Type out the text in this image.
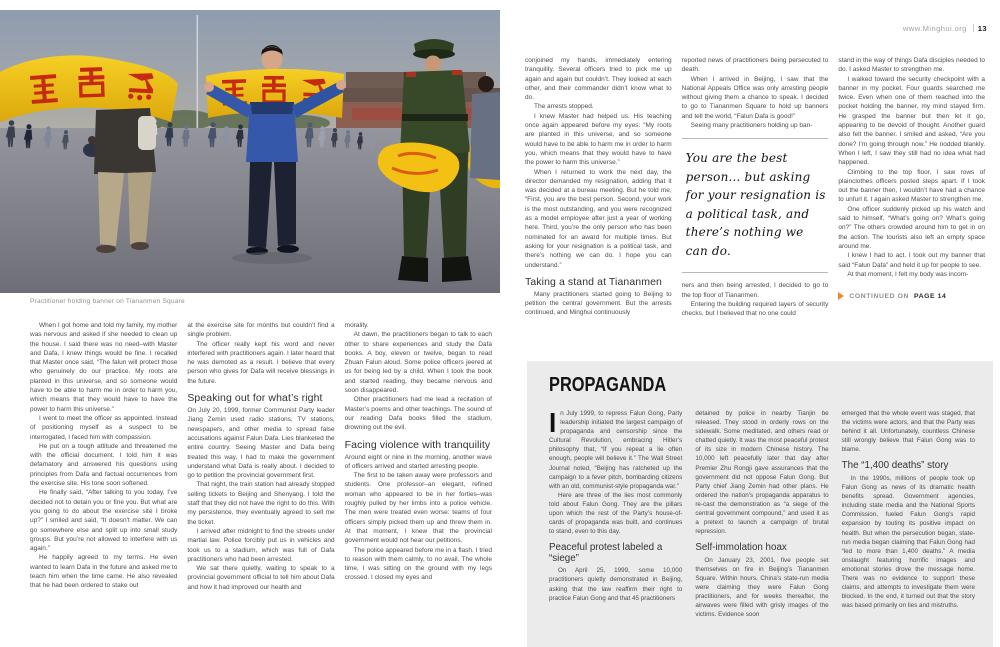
Practitioner holding banner on Tiananmen Square

When I got home and told my family, my mother was nervous and asked if she needed to clean up the house. I said there was no need–with Master and Dafa, I knew things would be fine. I recalled that Master once said, “The falun will protect those who genuinely do our practice. My roots are planted in this universe, and so someone would have to be able to harm me in order to harm you, which means that they would have to have the power to harm this universe.”

I went to meet the officer as appointed. Instead of positioning myself as a suspect to be interrogated, I faced him with compassion.

He put on a tough attitude and threatened me with the official document. I told him it was defamatory and answered his questions using principles from Dafa and factual occurrences from the exercise site. His tone soon softened.

He finally said, “After talking to you today, I’ve decided not to detain you or fine you. But what are you going to do about the exercise site I broke up?” I smiled and said, “It doesn’t matter. We can go somewhere else and split up into small study groups. But you’re not allowed to interfere with us again.”

He happily agreed to my terms. He even wanted to learn Dafa in the future and asked me to teach him when the time came. He also revealed that he had been ordered to stake out

at the exercise site for months but couldn’t find a single problem.

The officer really kept his word and never interfered with practitioners again. I later heard that he was demoted as a result. I believe that every person who gives for Dafa will receive blessings in the future.

Speaking out for what’s right

On July 20, 1999, former Communist Party leader Jiang Zemin used radio stations, TV stations, newspapers, and other media to spread false accusations against Falun Dafa. Lies blanketed the entire country. Seeing Master and Dafa being treated this way, I had to make the government understand what Dafa is really about. I decided to go to petition the provincial government first.

That night, the train station had already stopped selling tickets to Beijing and Shenyang. I told the staff that they did not have the right to do this. With my persistence, they eventually agreed to sell me the ticket.

I arrived after midnight to find the streets under martial law. Police forcibly put us in vehicles and took us to a stadium, which was full of Dafa practitioners who had been arrested.

We sat there quietly, waiting to speak to a provincial government official to tell him about Dafa and how it had improved our health and

morality.

At dawn, the practitioners began to talk to each other to share experiences and study the Dafa books. A boy, eleven or twelve, began to read Zhuan Falun aloud. Some police officers jeered at us for being led by a child. When I took the book and started reading, they became nervous and soon disappeared.

Other practitioners had me lead a recitation of Master’s poems and other teachings. The sound of our reading Dafa books filled the stadium, drowning out the evil.

Facing violence with tranquility

Around eight or nine in the morning, another wave of officers arrived and started arresting people.

The first to be taken away were professors and students. One professor–an elegant, refined woman who appeared to be in her forties–was roughly pulled by her limbs into a police vehicle. The men were treated even worse: teams of four officers simply picked them up and threw them in. At that moment, I knew that the provincial government would not hear our petitions.

The police appeared before me in a flash. I tried to reason with them calmly, to no avail. The whole time, I was sitting on the ground with my legs crossed. I closed my eyes and

www.Minghui.org 13

conjoined my hands, immediately entering tranquility. Several officers tried to pick me up again and again but couldn’t. They looked at each other, and their commander didn’t know what to do.

The arrests stopped.

I knew Master had helped us. His teaching once again appeared before my eyes: “My roots are planted in this universe, and so someone would have to be able to harm me in order to harm you, which means that they would have to have the power to harm this universe.”

When I returned to work the next day, the director demanded my resignation, adding that it was decided at a bureau meeting. But he told me, “First, you are the best person. Second, your work is the most outstanding, and you were recognized as a model employee after just a year of working here. Third, you’re the only person who has been nominated for an award for multiple times. But asking for your resignation is a political task, and there’s nothing we can do. I hope you can understand.”

Taking a stand at Tiananmen

Many practitioners started going to Beijing to petition the central government. But the arrests continued, and Minghui continuously

reported news of practitioners being persecuted to death.

When I arrived in Beijing, I saw that the National Appeals Office was only arresting people without giving them a chance to speak. I decided to go to Tiananmen Square to hold up banners and tell the world, “Falun Dafa is good!”

Seeing many practitioners holding up ban-

You are the best person... but asking for your resignation is a political task, and there’s nothing we can do.

ners and then being arrested, I decided to go to the top floor of Tiananmen.

Entering the building required layers of security checks, but I believed that no one could

stand in the way of things Dafa disciples needed to do. I asked Master to strengthen me.

I walked toward the security checkpoint with a banner in my pocket. Four guards searched me twice. Even when one of them reached into the pocket holding the banner, my mind stayed firm. He grasped the banner but then let it go, appearing to be devoid of thought. Another guard also felt the banner. I smiled and asked, “Are you done? I’m going through now.” He nodded blankly. When I left, I saw they still had no idea what had happened.

Climbing to the top floor, I saw rows of plainclothes officers posted steps apart. If I took out the banner then, I wouldn’t have had a chance to unfurl it. I again asked Master to strengthen me.

One officer suddenly picked up his watch and said to himself, “What’s going on? What’s going on?” The others crowded around him to get in on the action. The tourists also left an empty space around me.

I knew I had to act. I took out my banner that said “Falun Dafa” and held it up for people to see.

At that moment, I felt my body was incom-

CONTINUED ON PAGE 14
PROPAGANDA

In July 1999, to repress Falun Gong, Party leadership initiated the largest campaign of propaganda and censorship since the Cultural Revolution, embracing Hitler’s philosophy that, “If you repeat a lie often enough, people will believe it.” The Wall Street Journal noted, “Beijing has ratcheted up the campaign to a fever pitch, bombarding citizens with an old, communist-style propaganda war.”

Here are three of the lies most commonly told about Falun Gong. They are the pillars upon which the rest of the Party’s house-of-cards of propaganda was built, and continues to stand, even to this day.

Peaceful protest labeled a “siege”

On April 25, 1999, some 10,000 practitioners quietly demonstrated in Beijing, asking that the law reaffirm their right to practice Falun Gong and that 45 practitioners

detained by police in nearby Tianjin be released. They stood in orderly rows on the sidewalk. Some meditated, and others read or chatted quietly. It was the most peaceful protest of its size in modern Chinese history. The 10,000 left peacefully later that day after Premier Zhu Rongji gave assurances that the government did not oppose Falun Gong. But Party chief Jiang Zemin had other plans. He ordered the nation’s propaganda apparatus to re-cast the demonstration as “a siege of the central government compound,” and used it as a pretext to launch a campaign of brutal repression.

Self-immolation hoax

On January 23, 2001, five people set themselves on fire in Beijing’s Tiananmen Square. Within hours, China’s state-run media were claiming they were Falun Gong practitioners, and for weeks thereafter, the airwaves were filled with grisly images of the victims. Evidence soon

emerged that the whole event was staged, that the victims were actors, and that the Party was behind it all. Unfortunately, countless Chinese still wrongly believe that Falun Gong was to blame.

The “1,400 deaths” story

In the 1990s, millions of people took up Falun Gong as news of its dramatic health benefits spread. Government agencies, including state media and the National Sports Commission, fueled Falun Gong’s rapid expansion by touting its positive impact on health. But when the persecution began, state-run media began claiming that Falun Gong had “led to more than 1,400 deaths.” A media onslaught featuring horrific images and emotional stories drove the message home. There was no evidence to support these claims, and attempts to investigate them were blocked. In the end, it turned out that the story was based primarily on lies and mistruths.
